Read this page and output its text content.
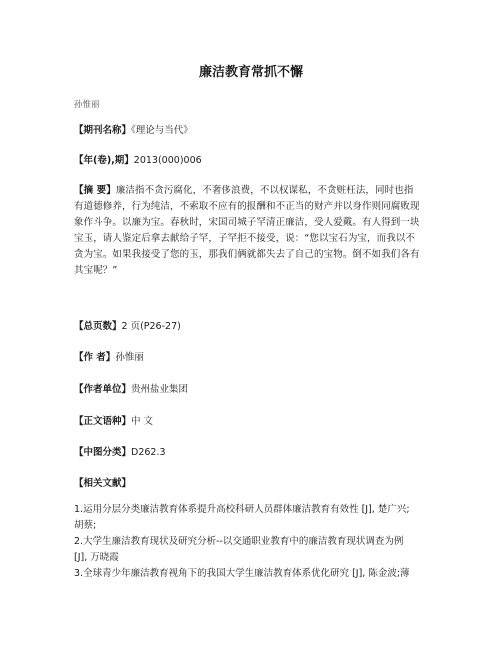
廉洁教育常抓不懈
孙惟丽
【期刊名称】《理论与当代》
【年(卷),期】2013(000)006
【摘 要】廉洁指不贪污腐化，不奢侈浪费，不以权谋私，不贪赃枉法，同时也指
有道德修养，行为纯洁，不索取不应有的报酬和不正当的财产并以身作则同腐败现
象作斗争。以廉为宝。春秋时，宋国司城子罕清正廉洁，受人爱戴。有人得到一块
宝玉，请人鉴定后拿去献给子罕，子罕拒不接受，说：“您以宝石为宝，而我以不
贪为宝。如果我接受了您的玉，那我们俩就都失去了自己的宝物。倒不如我们各有
其宝呢？”
【总页数】2 页(P26-27)
【作 者】孙惟丽
【作者单位】贵州盐业集团
【正文语种】中 文
【中图分类】D262.3
【相关文献】
1.运用分层分类廉洁教育体系提升高校科研人员群体廉洁教育有效性 [J], 楚广兴;
胡蔡;
2.大学生廉洁教育现状及研究分析--以交通职业教育中的廉洁教育现状调查为例
[J], 万晓霞
3.全球青少年廉洁教育视角下的我国大学生廉洁教育体系优化研究 [J], 陈金波;薄
